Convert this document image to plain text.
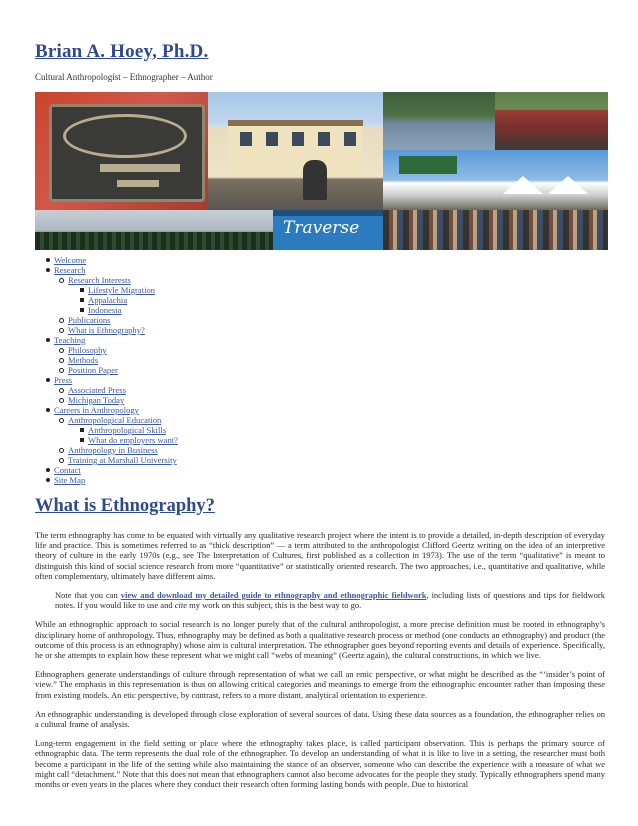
Brian A. Hoey, Ph.D.
Cultural Anthropologist – Ethnographer – Author
Traverse
Welcome
Research
Research Interests
Lifestyle Migration
Appalachia
Indonesia
Publications
What is Ethnography?
Teaching
Philosophy
Methods
Position Paper
Press
Associated Press
Michigan Today
Careers in Anthropology
Anthropological Education
Anthropological Skills
What do employers want?
Anthropology in Business
Training at Marshall University
Contact
Site Map
What is Ethnography?

The term ethnography has come to be equated with virtually any qualitative research project where the intent is to provide a detailed, in-depth description of everyday life and practice. This is sometimes referred to as “thick description” — a term attributed to the anthropologist Clifford Geertz writing on the idea of an interpretive theory of culture in the early 1970s (e.g., see The Interpretation of Cultures, first published as a collection in 1973). The use of the term “qualitative” is meant to distinguish this kind of social science research from more “quantitative” or statistically oriented research. The two approaches, i.e., quantitative and qualitative, while often complementary, ultimately have different aims.

Note that you can view and download my detailed guide to ethnography and ethnographic fieldwork, including lists of questions and tips for fieldwork notes. If you would like to use and cite my work on this subject, this is the best way to go.

While an ethnographic approach to social research is no longer purely that of the cultural anthropologist, a more precise definition must be rooted in ethnography’s disciplinary home of anthropology. Thus, ethnography may be defined as both a qualitative research process or method (one conducts an ethnography) and product (the outcome of this process is an ethnography) whose aim is cultural interpretation. The ethnographer goes beyond reporting events and details of experience. Specifically, he or she attempts to explain how these represent what we might call “webs of meaning” (Geertz again), the cultural constructions, in which we live.

Ethnographers generate understandings of culture through representation of what we call an emic perspective, or what might be described as the “‘insider’s point of view.” The emphasis in this representation is thus on allowing critical categories and meanings to emerge from the ethnographic encounter rather than imposing these from existing models. An etic perspective, by contrast, refers to a more distant, analytical orientation to experience.

An ethnographic understanding is developed through close exploration of several sources of data. Using these data sources as a foundation, the ethnographer relies on a cultural frame of analysis.

Long-term engagement in the field setting or place where the ethnography takes place, is called participant observation. This is perhaps the primary source of ethnographic data. The term represents the dual role of the ethnographer. To develop an understanding of what it is like to live in a setting, the researcher must both become a participant in the life of the setting while also maintaining the stance of an observer, someone who can describe the experience with a measure of what we might call “detachment.” Note that this does not mean that ethnographers cannot also become advocates for the people they study. Typically ethnographers spend many months or even years in the places where they conduct their research often forming lasting bonds with people. Due to historical
